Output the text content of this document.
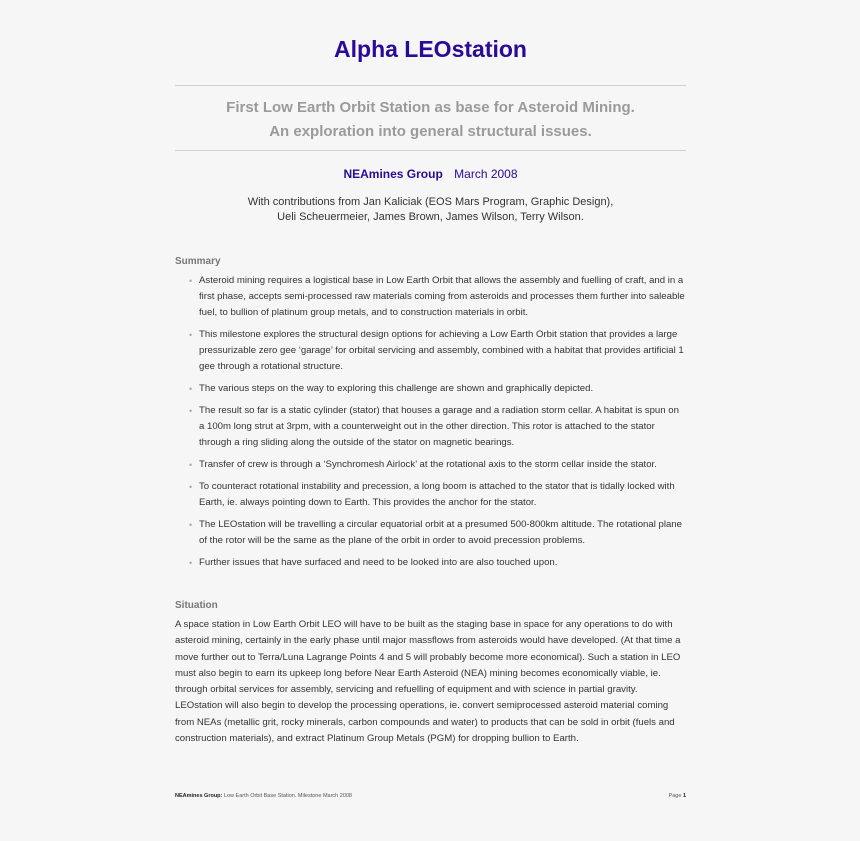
Alpha LEOstation
First Low Earth Orbit Station as base for Asteroid Mining.
An exploration into general structural issues.
NEAmines Group March 2008
With contributions from Jan Kaliciak (EOS Mars Program, Graphic Design),
Ueli Scheuermeier, James Brown, James Wilson, Terry Wilson.
Summary
• Asteroid mining requires a logistical base in Low Earth Orbit that allows the assembly and fuelling of craft, and in a first phase, accepts semi-processed raw materials coming from asteroids and processes them further into saleable fuel, to bullion of platinum group metals, and to construction materials in orbit.
• This milestone explores the structural design options for achieving a Low Earth Orbit station that provides a large pressurizable zero gee ‘garage’ for orbital servicing and assembly, combined with a habitat that provides artificial 1 gee through a rotational structure.
• The various steps on the way to exploring this challenge are shown and graphically depicted.
• The result so far is a static cylinder (stator) that houses a garage and a radiation storm cellar. A habitat is spun on a 100m long strut at 3rpm, with a counterweight out in the other direction. This rotor is attached to the stator through a ring sliding along the outside of the stator on magnetic bearings.
• Transfer of crew is through a ‘Synchromesh Airlock’ at the rotational axis to the storm cellar inside the stator.
• To counteract rotational instability and precession, a long boom is attached to the stator that is tidally locked with Earth, ie. always pointing down to Earth. This provides the anchor for the stator.
• The LEOstation will be travelling a circular equatorial orbit at a presumed 500-800km altitude. The rotational plane of the rotor will be the same as the plane of the orbit in order to avoid precession problems.
• Further issues that have surfaced and need to be looked into are also touched upon.
Situation

A space station in Low Earth Orbit LEO will have to be built as the staging base in space for any operations to do with asteroid mining, certainly in the early phase until major massflows from asteroids would have developed. (At that time a move further out to Terra/Luna Lagrange Points 4 and 5 will probably become more economical). Such a station in LEO must also begin to earn its upkeep long before Near Earth Asteroid (NEA) mining becomes economically viable, ie. through orbital services for assembly, servicing and refuelling of equipment and with science in partial gravity. LEOstation will also begin to develop the processing operations, ie. convert semiprocessed asteroid material coming from NEAs (metallic grit, rocky minerals, carbon compounds and water) to products that can be sold in orbit (fuels and construction materials), and extract Platinum Group Metals (PGM) for dropping bullion to Earth.

NEAmines Group: Low Earth Orbit Base Station. Milestone March 2008	Page 1
